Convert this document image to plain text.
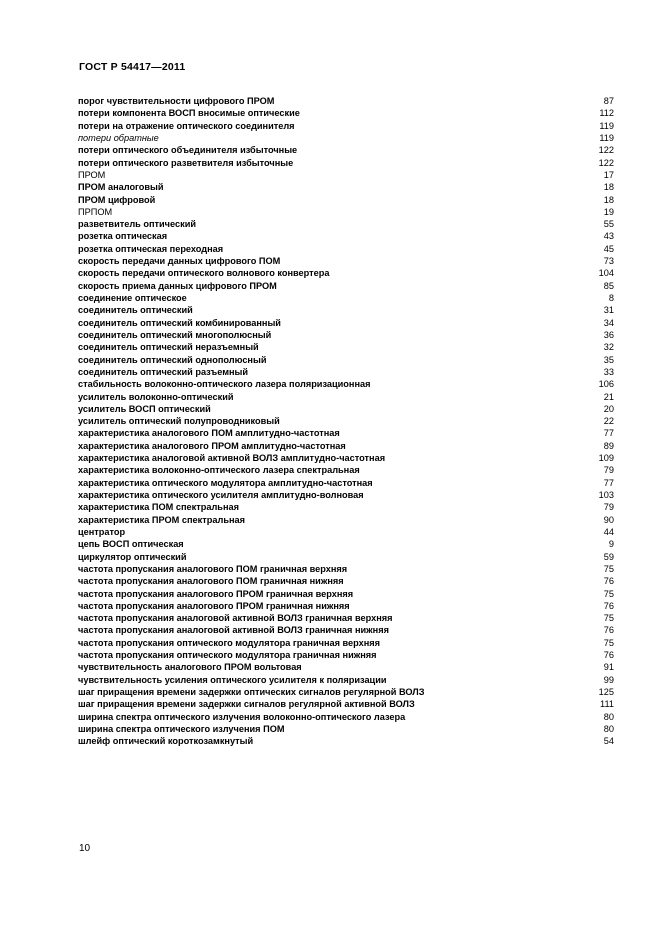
ГОСТ Р 54417—2011
порог чувствительности цифрового ПРОМ	87
потери компонента ВОСП вносимые оптические	112
потери на отражение оптического соединителя	119
потери обратные	119
потери оптического объединителя избыточные	122
потери оптического разветвителя избыточные	122
ПРОМ	17
ПРОМ аналоговый	18
ПРОМ цифровой	18
ПРПОМ	19
разветвитель оптический	55
розетка оптическая	43
розетка оптическая переходная	45
скорость передачи данных цифрового ПОМ	73
скорость передачи оптического волнового конвертера	104
скорость приема данных цифрового ПРОМ	85
соединение оптическое	8
соединитель оптический	31
соединитель оптический комбинированный	34
соединитель оптический многополюсный	36
соединитель оптический неразъемный	32
соединитель оптический однополюсный	35
соединитель оптический разъемный	33
стабильность волоконно-оптического лазера поляризационная	106
усилитель волоконно-оптический	21
усилитель ВОСП оптический	20
усилитель оптический полупроводниковый	22
характеристика аналогового ПОМ амплитудно-частотная	77
характеристика аналогового ПРОМ амплитудно-частотная	89
характеристика аналоговой активной ВОЛЗ амплитудно-частотная	109
характеристика волоконно-оптического лазера спектральная	79
характеристика оптического модулятора амплитудно-частотная	77
характеристика оптического усилителя амплитудно-волновая	103
характеристика ПОМ спектральная	79
характеристика ПРОМ спектральная	90
центратор	44
цепь ВОСП оптическая	9
циркулятор оптический	59
частота пропускания аналогового ПОМ граничная верхняя	75
частота пропускания аналогового ПОМ граничная нижняя	76
частота пропускания аналогового ПРОМ граничная верхняя	75
частота пропускания аналогового ПРОМ граничная нижняя	76
частота пропускания аналоговой активной ВОЛЗ граничная верхняя	75
частота пропускания аналоговой активной ВОЛЗ граничная нижняя	76
частота пропускания оптического модулятора граничная верхняя	75
частота пропускания оптического модулятора граничная нижняя	76
чувствительность аналогового ПРОМ вольтовая	91
чувствительность усиления оптического усилителя к поляризации	99
шаг приращения времени задержки оптических сигналов регулярной ВОЛЗ	125
шаг приращения времени задержки сигналов регулярной активной ВОЛЗ	111
ширина спектра оптического излучения волоконно-оптического лазера	80
ширина спектра оптического излучения ПОМ	80
шлейф оптический короткозамкнутый	54
10
